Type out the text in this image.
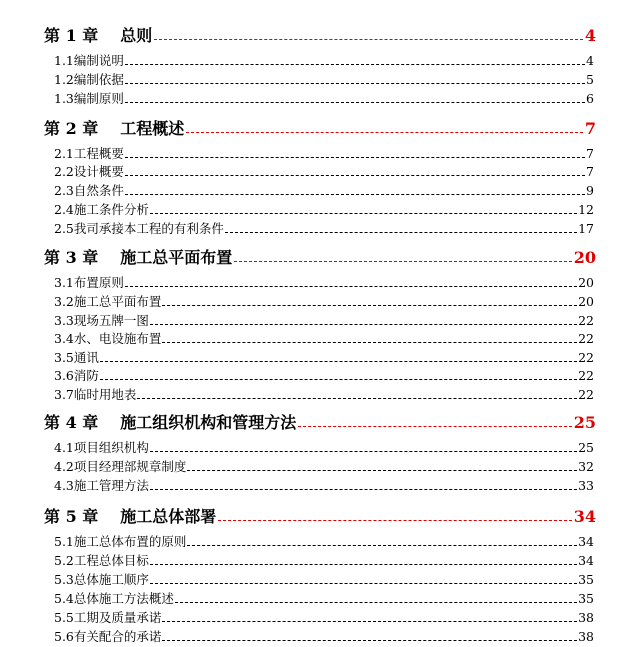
第 1 章 总则	4
1.1 编制说明	4
1.2 编制依据	5
1.3 编制原则	6
第 2 章 工程概述	7
2.1 工程概要	7
2.2 设计概要	7
2.3 自然条件	9
2.4 施工条件分析	12
2.5 我司承接本工程的有利条件	17
第 3 章 施工总平面布置	20
3.1 布置原则	20
3.2 施工总平面布置	20
3.3 现场五牌一图	22
3.4 水、电设施布置	22
3.5 通讯	22
3.6 消防	22
3.7 临时用地表	22
第 4 章 施工组织机构和管理方法	25
4.1 项目组织机构	25
4.2 项目经理部规章制度	32
4.3 施工管理方法	33
第 5 章 施工总体部署	34
5.1 施工总体布置的原则	34
5.2 工程总体目标	34
5.3 总体施工顺序	35
5.4 总体施工方法概述	35
5.5 工期及质量承诺	38
5.6 有关配合的承诺	38
